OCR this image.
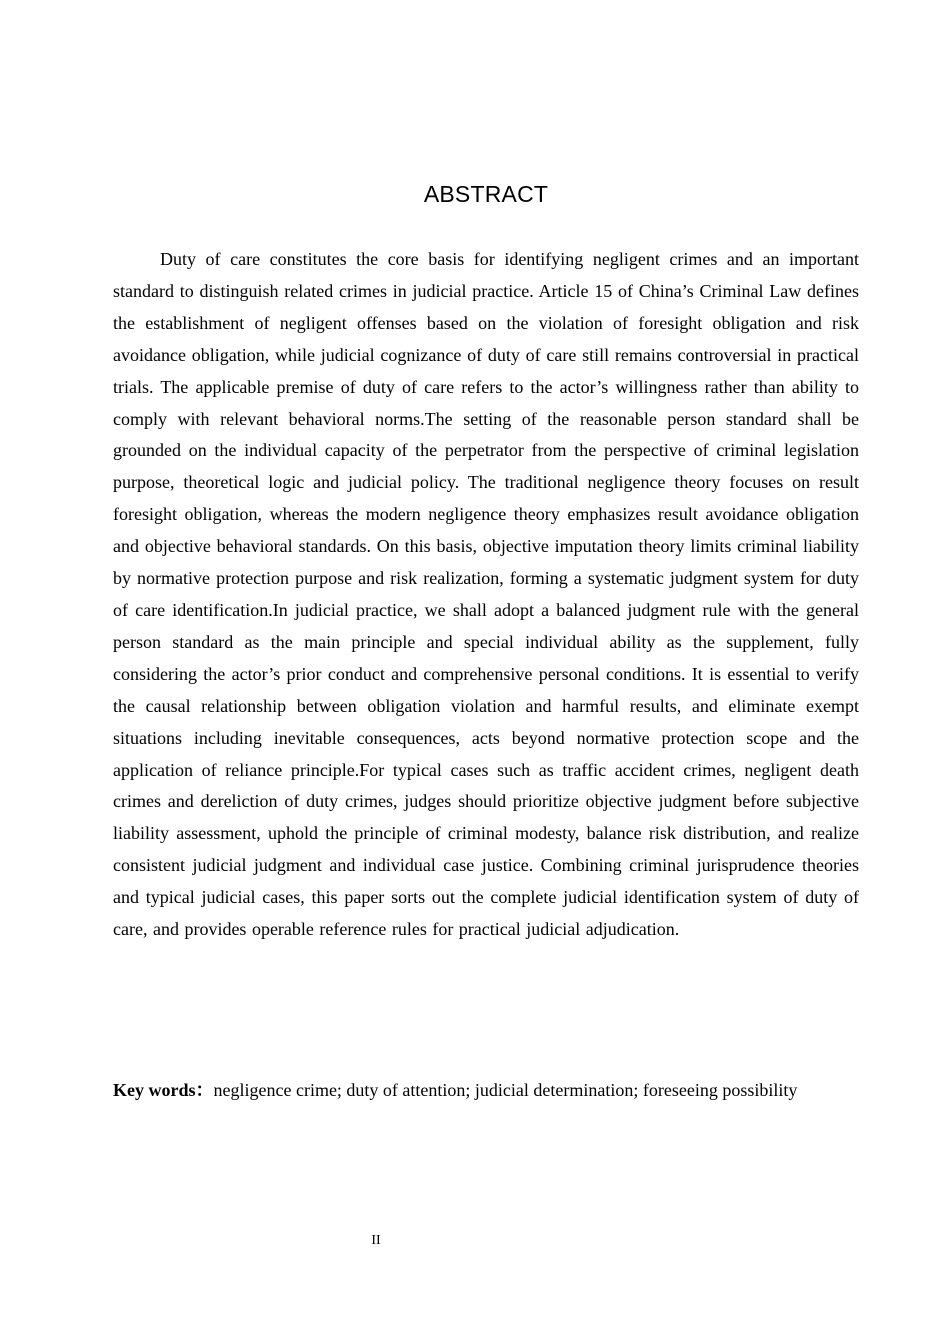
ABSTRACT

Duty of care constitutes the core basis for identifying negligent crimes and an important standard to distinguish related crimes in judicial practice. Article 15 of China’s Criminal Law defines the establishment of negligent offenses based on the violation of foresight obligation and risk avoidance obligation, while judicial cognizance of duty of care still remains controversial in practical trials. The applicable premise of duty of care refers to the actor’s willingness rather than ability to comply with relevant behavioral norms.The setting of the reasonable person standard shall be grounded on the individual capacity of the perpetrator from the perspective of criminal legislation purpose, theoretical logic and judicial policy. The traditional negligence theory focuses on result foresight obligation, whereas the modern negligence theory emphasizes result avoidance obligation and objective behavioral standards. On this basis, objective imputation theory limits criminal liability by normative protection purpose and risk realization, forming a systematic judgment system for duty of care identification.In judicial practice, we shall adopt a balanced judgment rule with the general person standard as the main principle and special individual ability as the supplement, fully considering the actor’s prior conduct and comprehensive personal conditions. It is essential to verify the causal relationship between obligation violation and harmful results, and eliminate exempt situations including inevitable consequences, acts beyond normative protection scope and the application of reliance principle.For typical cases such as traffic accident crimes, negligent death crimes and dereliction of duty crimes, judges should prioritize objective judgment before subjective liability assessment, uphold the principle of criminal modesty, balance risk distribution, and realize consistent judicial judgment and individual case justice. Combining criminal jurisprudence theories and typical judicial cases, this paper sorts out the complete judicial identification system of duty of care, and provides operable reference rules for practical judicial adjudication.

Key words：negligence crime; duty of attention; judicial determination; foreseeing possibility

II
